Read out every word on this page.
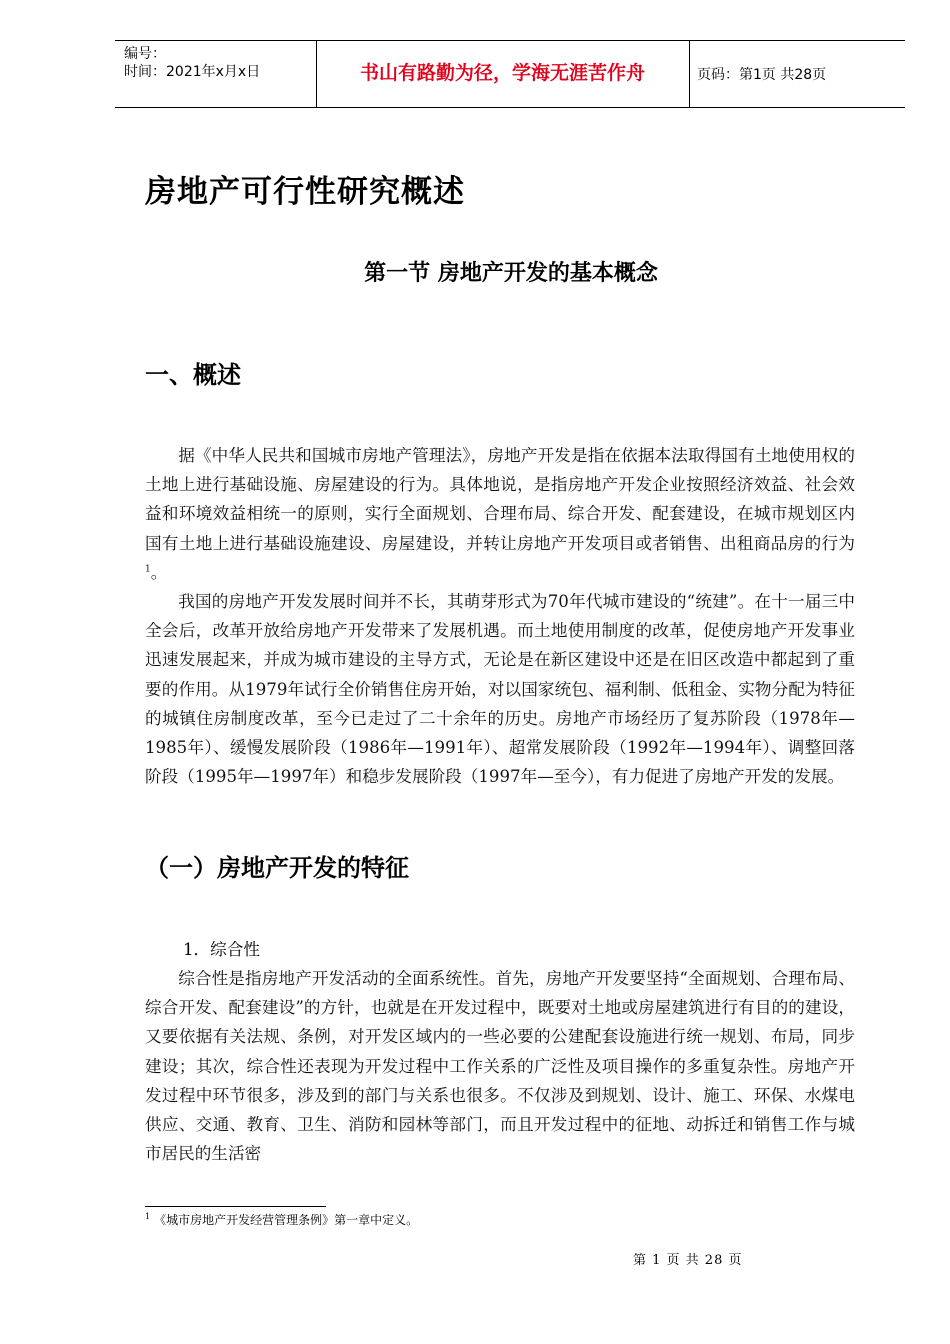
编号：
时间：2021年x月x日	书山有路勤为径，学海无涯苦作舟	页码：第1页 共28页
房地产可行性研究概述
第一节 房地产开发的基本概念
一、概述
据《中华人民共和国城市房地产管理法》，房地产开发是指在依据本法取得国有土地使用权的土地上进行基础设施、房屋建设的行为。具体地说，是指房地产开发企业按照经济效益、社会效益和环境效益相统一的原则，实行全面规划、合理布局、综合开发、配套建设，在城市规划区内国有土地上进行基础设施建设、房屋建设，并转让房地产开发项目或者销售、出租商品房的行为$^1$。
我国的房地产开发发展时间并不长，其萌芽形式为70年代城市建设的“统建”。在十一届三中全会后，改革开放给房地产开发带来了发展机遇。而土地使用制度的改革，促使房地产开发事业迅速发展起来，并成为城市建设的主导方式，无论是在新区建设中还是在旧区改造中都起到了重要的作用。从1979年试行全价销售住房开始，对以国家统包、福利制、低租金、实物分配为特征的城镇住房制度改革，至今已走过了二十余年的历史。房地产市场经历了复苏阶段（1978年—1985年）、缓慢发展阶段（1986年—1991年）、超常发展阶段（1992年—1994年）、调整回落阶段（1995年—1997年）和稳步发展阶段（1997年—至今），有力促进了房地产开发的发展。
（一）房地产开发的特征
1．综合性
综合性是指房地产开发活动的全面系统性。首先，房地产开发要坚持“全面规划、合理布局、综合开发、配套建设”的方针，也就是在开发过程中，既要对土地或房屋建筑进行有目的的建设，又要依据有关法规、条例，对开发区域内的一些必要的公建配套设施进行统一规划、布局，同步建设；其次，综合性还表现为开发过程中工作关系的广泛性及项目操作的多重复杂性。房地产开发过程中环节很多，涉及到的部门与关系也很多。不仅涉及到规划、设计、施工、环保、水煤电供应、交通、教育、卫生、消防和园林等部门，而且开发过程中的征地、动拆迁和销售工作与城市居民的生活密
$^1$ 《城市房地产开发经营管理条例》第一章中定义。
第 1 页 共 28 页
